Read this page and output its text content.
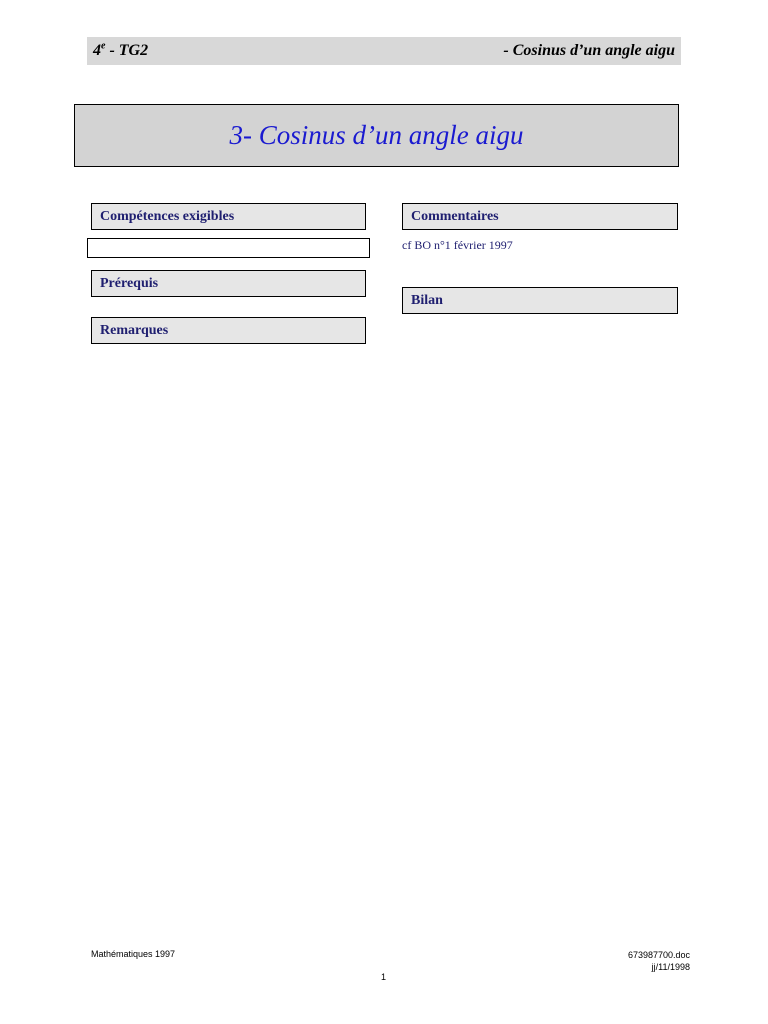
4e - TG2	- Cosinus d’un angle aigu
3- Cosinus d’un angle aigu
Compétences exigibles
Prérequis
Remarques
Commentaires
cf BO n°1 février 1997
Bilan
Mathématiques 1997	673987700.doc
jj/11/1998
1
